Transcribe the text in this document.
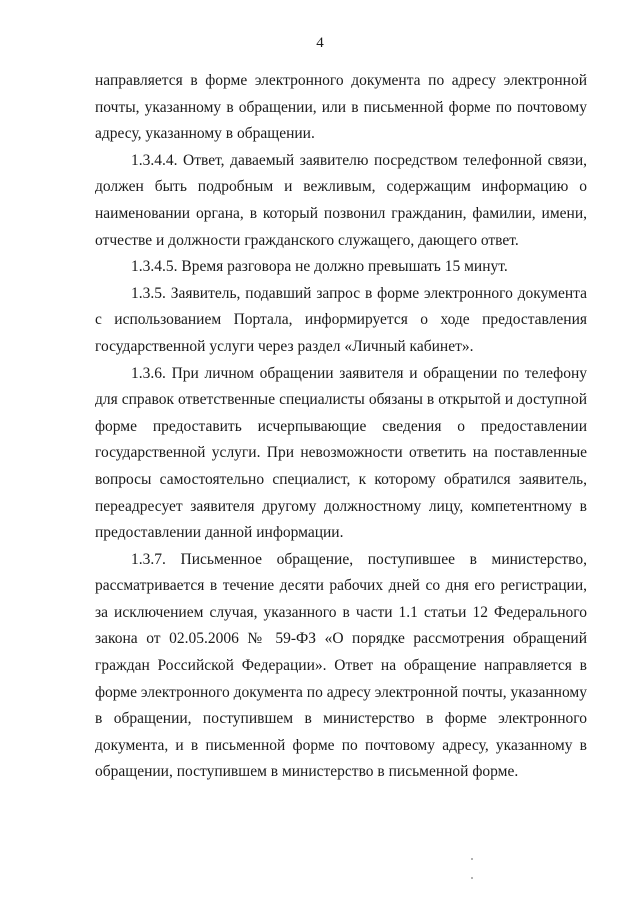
4

направляется в форме электронного документа по адресу электронной почты, указанному в обращении, или в письменной форме по почтовому адресу, указанному в обращении.

1.3.4.4. Ответ, даваемый заявителю посредством телефонной связи, должен быть подробным и вежливым, содержащим информацию о наименовании органа, в который позвонил гражданин, фамилии, имени, отчестве и должности гражданского служащего, дающего ответ.

1.3.4.5. Время разговора не должно превышать 15 минут.

1.3.5. Заявитель, подавший запрос в форме электронного документа с использованием Портала, информируется о ходе предоставления государственной услуги через раздел «Личный кабинет».

1.3.6. При личном обращении заявителя и обращении по телефону для справок ответственные специалисты обязаны в открытой и доступной форме предоставить исчерпывающие сведения о предоставлении государственной услуги. При невозможности ответить на поставленные вопросы самостоятельно специалист, к которому обратился заявитель, переадресует заявителя другому должностному лицу, компетентному в предоставлении данной информации.

1.3.7. Письменное обращение, поступившее в министерство, рассматривается в течение десяти рабочих дней со дня его регистрации, за исключением случая, указанного в части 1.1 статьи 12 Федерального закона от 02.05.2006 № 59-ФЗ «О порядке рассмотрения обращений граждан Российской Федерации». Ответ на обращение направляется в форме электронного документа по адресу электронной почты, указанному в обращении, поступившем в министерство в форме электронного документа, и в письменной форме по почтовому адресу, указанному в обращении, поступившем в министерство в письменной форме.
